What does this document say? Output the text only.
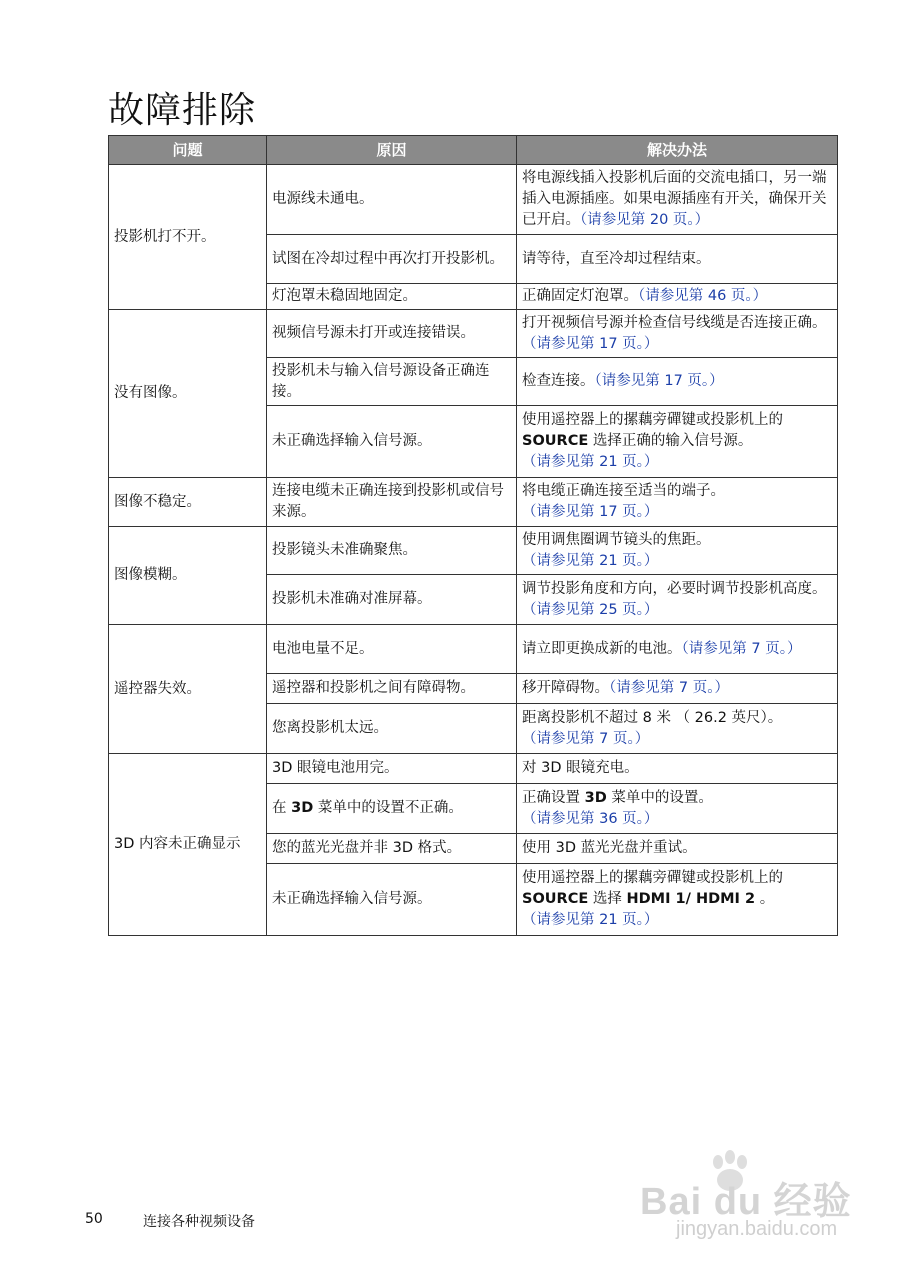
故障排除
问题	原因	解决办法
投影机打不开。	电源线未通电。	将电源线插入投影机后面的交流电插口，另一端插入电源插座。如果电源插座有开关，确保开关已开启。（请参见第 20 页。）
	试图在冷却过程中再次打开投影机。	请等待，直至冷却过程结束。
	灯泡罩未稳固地固定。	正确固定灯泡罩。（请参见第 46 页。）
没有图像。	视频信号源未打开或连接错误。	打开视频信号源并检查信号线缆是否连接正确。（请参见第 17 页。）
	投影机未与输入信号源设备正确连接。	检查连接。（请参见第 17 页。）
	未正确选择输入信号源。	使用遥控器上的摞藕旁磾键或投影机上的
SOURCE 选择正确的输入信号源。
（请参见第 21 页。）
图像不稳定。	连接电缆未正确连接到投影机或信号来源。	将电缆正确连接至适当的端子。
（请参见第 17 页。）
图像模糊。	投影镜头未准确聚焦。	使用调焦圈调节镜头的焦距。
（请参见第 21 页。）
	投影机未准确对准屏幕。	调节投影角度和方向，必要时调节投影机高度。（请参见第 25 页。）
遥控器失效。	电池电量不足。	请立即更换成新的电池。（请参见第 7 页。）
	遥控器和投影机之间有障碍物。	移开障碍物。（请参见第 7 页。）
	您离投影机太远。	距离投影机不超过 8 米 （ 26.2 英尺）。
（请参见第 7 页。）
3D 内容未正确显示	3D 眼镜电池用完。	对 3D 眼镜充电。
	在 3D 菜单中的设置不正确。	正确设置 3D 菜单中的设置。
（请参见第 36 页。）
	您的蓝光光盘并非 3D 格式。	使用 3D 蓝光光盘并重试。
	未正确选择输入信号源。	使用遥控器上的摞藕旁磾键或投影机上的
SOURCE 选择 HDMI 1/ HDMI 2 。
（请参见第 21 页。）
50	连接各种视频设备	Bai du 经验
jingyan.baidu.com
